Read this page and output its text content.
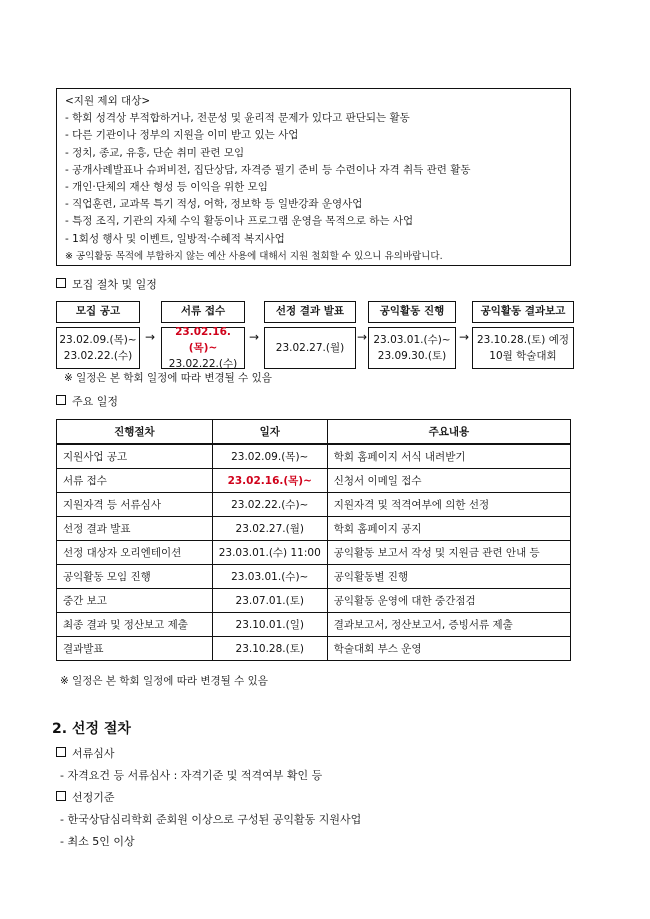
<지원 제외 대상>
- 학회 성격상 부적합하거나, 전문성 및 윤리적 문제가 있다고 판단되는 활동
- 다른 기관이나 정부의 지원을 이미 받고 있는 사업
- 정치, 종교, 유흥, 단순 취미 관련 모임
- 공개사례발표나 슈퍼비전, 집단상담, 자격증 필기 준비 등 수련이나 자격 취득 관련 활동
- 개인·단체의 재산 형성 등 이익을 위한 모임
- 직업훈련, 교과목 특기 적성, 어학, 정보학 등 일반강좌 운영사업
- 특정 조직, 기관의 자체 수익 활동이나 프로그램 운영을 목적으로 하는 사업
- 1회성 행사 및 이벤트, 일방적·수혜적 복지사업
※ 공익활동 목적에 부합하지 않는 예산 사용에 대해서 지원 철회할 수 있으니 유의바랍니다.
모집 절차 및 일정
모집 공고
23.02.09.(목)~
23.02.22.(수)
→
서류 접수
23.02.16.(목)~
23.02.22.(수)
→
선정 결과 발표
23.02.27.(월)
→
공익활동 진행
23.03.01.(수)~
23.09.30.(토)
→
공익활동 결과보고
23.10.28.(토) 예정
10월 학술대회
※ 일정은 본 학회 일정에 따라 변경될 수 있음
주요 일정
진행절차	일자	주요내용
지원사업 공고	23.02.09.(목)~	학회 홈페이지 서식 내려받기
서류 접수	23.02.16.(목)~	신청서 이메일 접수
지원자격 등 서류심사	23.02.22.(수)~	지원자격 및 적격여부에 의한 선정
선정 결과 발표	23.02.27.(월)	학회 홈페이지 공지
선정 대상자 오리엔테이션	23.03.01.(수) 11:00	공익활동 보고서 작성 및 지원금 관련 안내 등
공익활동 모임 진행	23.03.01.(수)~	공익활동별 진행
중간 보고	23.07.01.(토)	공익활동 운영에 대한 중간점검
최종 결과 및 정산보고 제출	23.10.01.(일)	결과보고서, 정산보고서, 증빙서류 제출
결과발표	23.10.28.(토)	학술대회 부스 운영
※ 일정은 본 학회 일정에 따라 변경될 수 있음
2. 선정 절차
서류심사
- 자격요건 등 서류심사 : 자격기준 및 적격여부 확인 등
선정기준
- 한국상담심리학회 준회원 이상으로 구성된 공익활동 지원사업
- 최소 5인 이상
